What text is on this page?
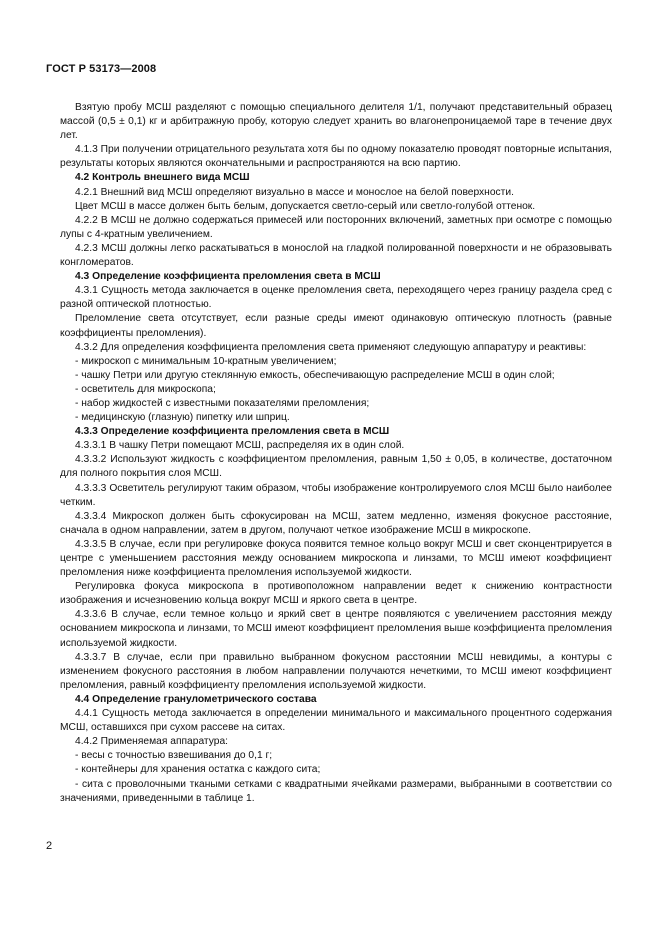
ГОСТ Р 53173—2008

Взятую пробу МСШ разделяют с помощью специального делителя 1/1, получают представительный образец массой (0,5 ± 0,1) кг и арбитражную пробу, которую следует хранить во влагонепроницаемой таре в течение двух лет.

4.1.3 При получении отрицательного результата хотя бы по одному показателю проводят повторные испытания, результаты которых являются окончательными и распространяются на всю партию.

4.2 Контроль внешнего вида МСШ

4.2.1 Внешний вид МСШ определяют визуально в массе и монослое на белой поверхности.

Цвет МСШ в массе должен быть белым, допускается светло-серый или светло-голубой оттенок.

4.2.2 В МСШ не должно содержаться примесей или посторонних включений, заметных при осмотре с помощью лупы с 4-кратным увеличением.

4.2.3 МСШ должны легко раскатываться в монослой на гладкой полированной поверхности и не образовывать конгломератов.

4.3 Определение коэффициента преломления света в МСШ

4.3.1 Сущность метода заключается в оценке преломления света, переходящего через границу раздела сред с разной оптической плотностью.

Преломление света отсутствует, если разные среды имеют одинаковую оптическую плотность (равные коэффициенты преломления).

4.3.2 Для определения коэффициента преломления света применяют следующую аппаратуру и реактивы:

- микроскоп с минимальным 10-кратным увеличением;

- чашку Петри или другую стеклянную емкость, обеспечивающую распределение МСШ в один слой;

- осветитель для микроскопа;

- набор жидкостей с известными показателями преломления;

- медицинскую (глазную) пипетку или шприц.

4.3.3 Определение коэффициента преломления света в МСШ

4.3.3.1 В чашку Петри помещают МСШ, распределяя их в один слой.

4.3.3.2 Используют жидкость с коэффициентом преломления, равным 1,50 ± 0,05, в количестве, достаточном для полного покрытия слоя МСШ.

4.3.3.3 Осветитель регулируют таким образом, чтобы изображение контролируемого слоя МСШ было наиболее четким.

4.3.3.4 Микроскоп должен быть сфокусирован на МСШ, затем медленно, изменяя фокусное расстояние, сначала в одном направлении, затем в другом, получают четкое изображение МСШ в микроскопе.

4.3.3.5 В случае, если при регулировке фокуса появится темное кольцо вокруг МСШ и свет сконцентрируется в центре с уменьшением расстояния между основанием микроскопа и линзами, то МСШ имеют коэффициент преломления ниже коэффициента преломления используемой жидкости.

Регулировка фокуса микроскопа в противоположном направлении ведет к снижению контрастности изображения и исчезновению кольца вокруг МСШ и яркого света в центре.

4.3.3.6 В случае, если темное кольцо и яркий свет в центре появляются с увеличением расстояния между основанием микроскопа и линзами, то МСШ имеют коэффициент преломления выше коэффициента преломления используемой жидкости.

4.3.3.7 В случае, если при правильно выбранном фокусном расстоянии МСШ невидимы, а контуры с изменением фокусного расстояния в любом направлении получаются нечеткими, то МСШ имеют коэффициент преломления, равный коэффициенту преломления используемой жидкости.

4.4 Определение гранулометрического состава

4.4.1 Сущность метода заключается в определении минимального и максимального процентного содержания МСШ, оставшихся при сухом рассеве на ситах.

4.4.2 Применяемая аппаратура:

- весы с точностью взвешивания до 0,1 г;

- контейнеры для хранения остатка с каждого сита;

- сита с проволочными ткаными сетками с квадратными ячейками размерами, выбранными в соответствии со значениями, приведенными в таблице 1.

2
